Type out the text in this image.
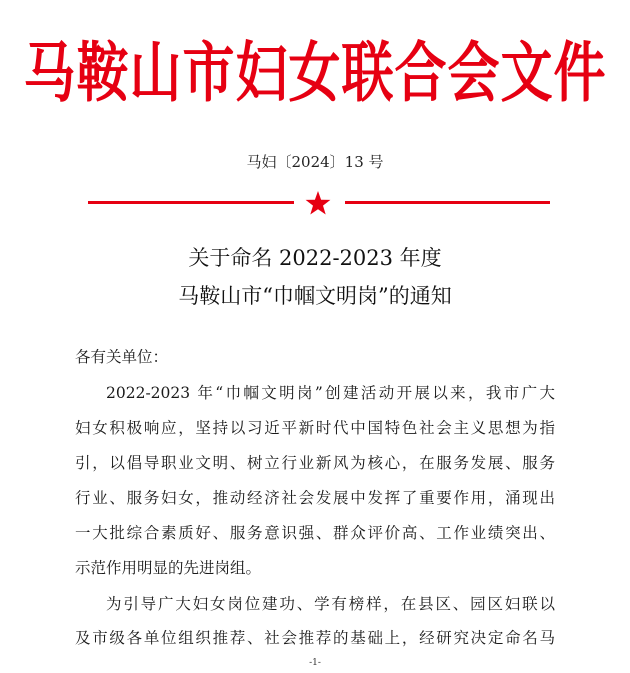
马鞍山市妇女联合会文件
马妇〔2024〕13 号
关于命名 2022-2023 年度
马鞍山市“巾帼文明岗”的通知
各有关单位：
2022-2023 年“巾帼文明岗”创建活动开展以来，我市广大
妇女积极响应，坚持以习近平新时代中国特色社会主义思想为指
引，以倡导职业文明、树立行业新风为核心，在服务发展、服务
行业、服务妇女，推动经济社会发展中发挥了重要作用，涌现出
一大批综合素质好、服务意识强、群众评价高、工作业绩突出、
示范作用明显的先进岗组。
为引导广大妇女岗位建功、学有榜样，在县区、园区妇联以
及市级各单位组织推荐、社会推荐的基础上，经研究决定命名马
-1-
